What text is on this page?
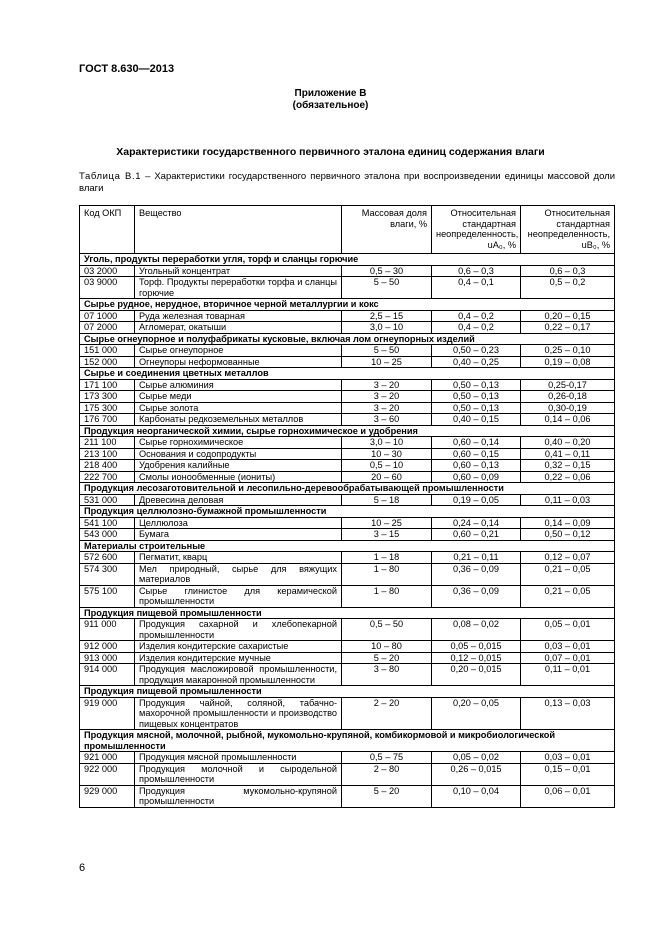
ГОСТ 8.630—2013
Приложение В
(обязательное)
Характеристики государственного первичного эталона единиц содержания влаги
Таблица В.1 – Характеристики государственного первичного эталона при воспроизведении единицы массовой доли влаги
Код ОКП	Вещество	Массовая доля влаги, %	Относительная стандартная неопределенность, uA₀, %	Относительная стандартная неопределенность, uB₀, %
Уголь, продукты переработки угля, торф и сланцы горючие				
03 2000	Угольный концентрат	0,5 – 30	0,6 – 0,3	0,6 – 0,3
03 9000	Торф. Продукты переработки торфа и сланцы горючие	5 – 50	0,4 – 0,1	0,5 – 0,2
Сырье рудное, нерудное, вторичное черной металлургии и кокс				
07 1000	Руда железная товарная	2,5 – 15	0,4 – 0,2	0,20 – 0,15
07 2000	Агломерат, окатыши	3,0 – 10	0,4 – 0,2	0,22 – 0,17
Сырье огнеупорное и полуфабрикаты кусковые, включая лом огнеупорных изделий				
151 000	Сырье огнеупорное	5 – 50	0,50 – 0,23	0,25 – 0,10
152 000	Огнеупоры неформованные	10 – 25	0,40 – 0,25	0,19 – 0,08
Сырье и соединения цветных металлов				
171 100	Сырье алюминия	3 – 20	0,50 – 0,13	0,25-0,17
173 300	Сырье меди	3 – 20	0,50 – 0,13	0,26-0,18
175 300	Сырье золота	3 – 20	0,50 – 0,13	0,30-0,19
176 700	Карбонаты редкоземельных металлов	3 – 60	0,40 – 0,15	0,14 – 0,06
Продукция неорганической химии, сырье горнохимическое и удобрения				
211 100	Сырье горнохимическое	3,0 – 10	0,60 – 0,14	0,40 – 0,20
213 100	Основания и содопродукты	10 – 30	0,60 – 0,15	0,41 – 0,11
218 400	Удобрения калийные	0,5 – 10	0,60 – 0,13	0,32 – 0,15
222 700	Смолы ионообменные (иониты)	20 – 60	0,60 – 0,09	0,22 – 0,06
Продукция лесозаготовительной и лесопильно-деревообрабатывающей промышленности				
531 000	Древесина деловая	5 – 18	0,19 – 0,05	0,11 – 0,03
Продукция целлюлозно-бумажной промышленности				
541 100	Целлюлоза	10 – 25	0,24 – 0,14	0,14 – 0,09
543 000	Бумага	3 – 15	0,60 – 0,21	0,50 – 0,12
Материалы строительные				
572 600	Пегматит, кварц	1 – 18	0,21 – 0,11	0,12 – 0,07
574 300	Мел природный, сырье для вяжущих материалов	1 – 80	0,36 – 0,09	0,21 – 0,05
575 100	Сырье глинистое для керамической промышленности	1 – 80	0,36 – 0,09	0,21 – 0,05
Продукция пищевой промышленности				
911 000	Продукция сахарной и хлебопекарной промышленности	0,5 – 50	0,08 – 0,02	0,05 – 0,01
912 000	Изделия кондитерские сахаристые	10 – 80	0,05 – 0,015	0,03 – 0,01
913 000	Изделия кондитерские мучные	5 – 20	0,12 – 0,015	0,07 – 0,01
914 000	Продукция масложировой промышленности, продукция макаронной промышленности	3 – 80	0,20 – 0,015	0,11 – 0,01
Продукция пищевой промышленности				
919 000	Продукция чайной, соляной, табачно-махорочной промышленности и производство пищевых концентратов	2 – 20	0,20 – 0,05	0,13 – 0,03
Продукция мясной, молочной, рыбной, мукомольно-крупяной, комбикормовой и микробиологической промышленности				
921 000	Продукция мясной промышленности	0,5 – 75	0,05 – 0,02	0,03 – 0,01
922 000	Продукция молочной и сыродельной промышленности	2 – 80	0,26 – 0,015	0,15 – 0,01
929 000	Продукция мукомольно-крупяной промышленности	5 – 20	0,10 – 0,04	0,06 – 0,01
6
